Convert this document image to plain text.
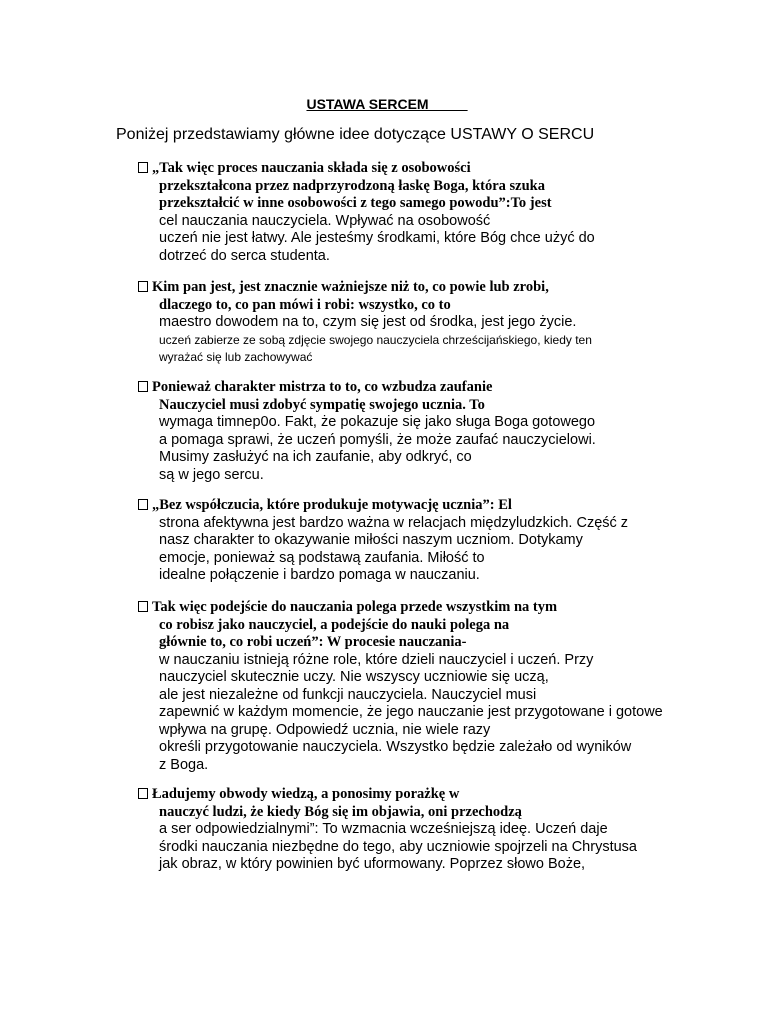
USTAWA SERCEM_____
Poniżej przedstawiamy główne idee dotyczące USTAWY O SERCU
„Tak więc proces nauczania składa się z osobowości
przekształcona przez nadprzyrodzoną łaskę Boga, która szuka
przekształcić w inne osobowości z tego samego powodu”:To jest
cel nauczania nauczyciela. Wpływać na osobowość
uczeń nie jest łatwy. Ale jesteśmy środkami, które Bóg chce użyć do
dotrzeć do serca studenta.
Kim pan jest, jest znacznie ważniejsze niż to, co powie lub zrobi,
dlaczego to, co pan mówi i robi: wszystko, co to
maestro dowodem na to, czym się jest od środka, jest jego życie.
uczeń zabierze ze sobą zdjęcie swojego nauczyciela chrześcijańskiego, kiedy ten
wyrażać się lub zachowywać
Ponieważ charakter mistrza to to, co wzbudza zaufanie
Nauczyciel musi zdobyć sympatię swojego ucznia. To
wymaga timnep0o. Fakt, że pokazuje się jako sługa Boga gotowego
a pomaga sprawi, że uczeń pomyśli, że może zaufać nauczycielowi.
Musimy zasłużyć na ich zaufanie, aby odkryć, co
są w jego sercu.
„Bez współczucia, które produkuje motywację ucznia”: El
strona afektywna jest bardzo ważna w relacjach międzyludzkich. Część z
nasz charakter to okazywanie miłości naszym uczniom. Dotykamy
emocje, ponieważ są podstawą zaufania. Miłość to
idealne połączenie i bardzo pomaga w nauczaniu.
Tak więc podejście do nauczania polega przede wszystkim na tym
co robisz jako nauczyciel, a podejście do nauki polega na
głównie to, co robi uczeń”: W procesie nauczania-
w nauczaniu istnieją różne role, które dzieli nauczyciel i uczeń. Przy
nauczyciel skutecznie uczy. Nie wszyscy uczniowie się uczą,
ale jest niezależne od funkcji nauczyciela. Nauczyciel musi
zapewnić w każdym momencie, że jego nauczanie jest przygotowane i gotowe
wpływa na grupę. Odpowiedź ucznia, nie wiele razy
określi przygotowanie nauczyciela. Wszystko będzie zależało od wyników
z Boga.
Ładujemy obwody wiedzą, a ponosimy porażkę w
nauczyć ludzi, że kiedy Bóg się im objawia, oni przechodzą
a ser odpowiedzialnymi”: To wzmacnia wcześniejszą ideę. Uczeń daje
środki nauczania niezbędne do tego, aby uczniowie spojrzeli na Chrystusa
jak obraz, w który powinien być uformowany. Poprzez słowo Boże,
